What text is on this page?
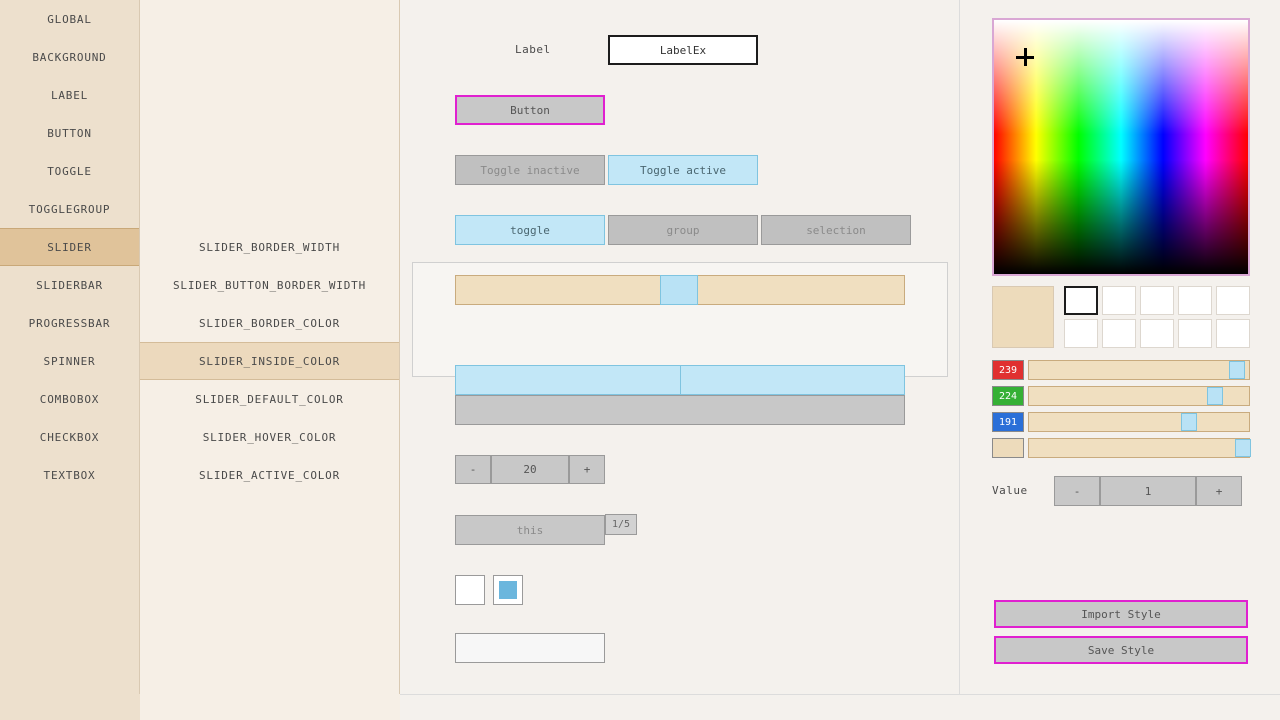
GLOBAL
BACKGROUND
LABEL
BUTTON
TOGGLE
TOGGLEGROUP
SLIDER
SLIDERBAR
PROGRESSBAR
SPINNER
COMBOBOX
CHECKBOX
TEXTBOX
SLIDER_BORDER_WIDTH
SLIDER_BUTTON_BORDER_WIDTH
SLIDER_BORDER_COLOR
SLIDER_INSIDE_COLOR
SLIDER_DEFAULT_COLOR
SLIDER_HOVER_COLOR
SLIDER_ACTIVE_COLOR
Label	LabelEx
Button
Toggle inactive	Toggle active
toggle	group	selection
-	20	+
this	1/5
239
224
191
Value	-	1	+
Import Style
Save Style
